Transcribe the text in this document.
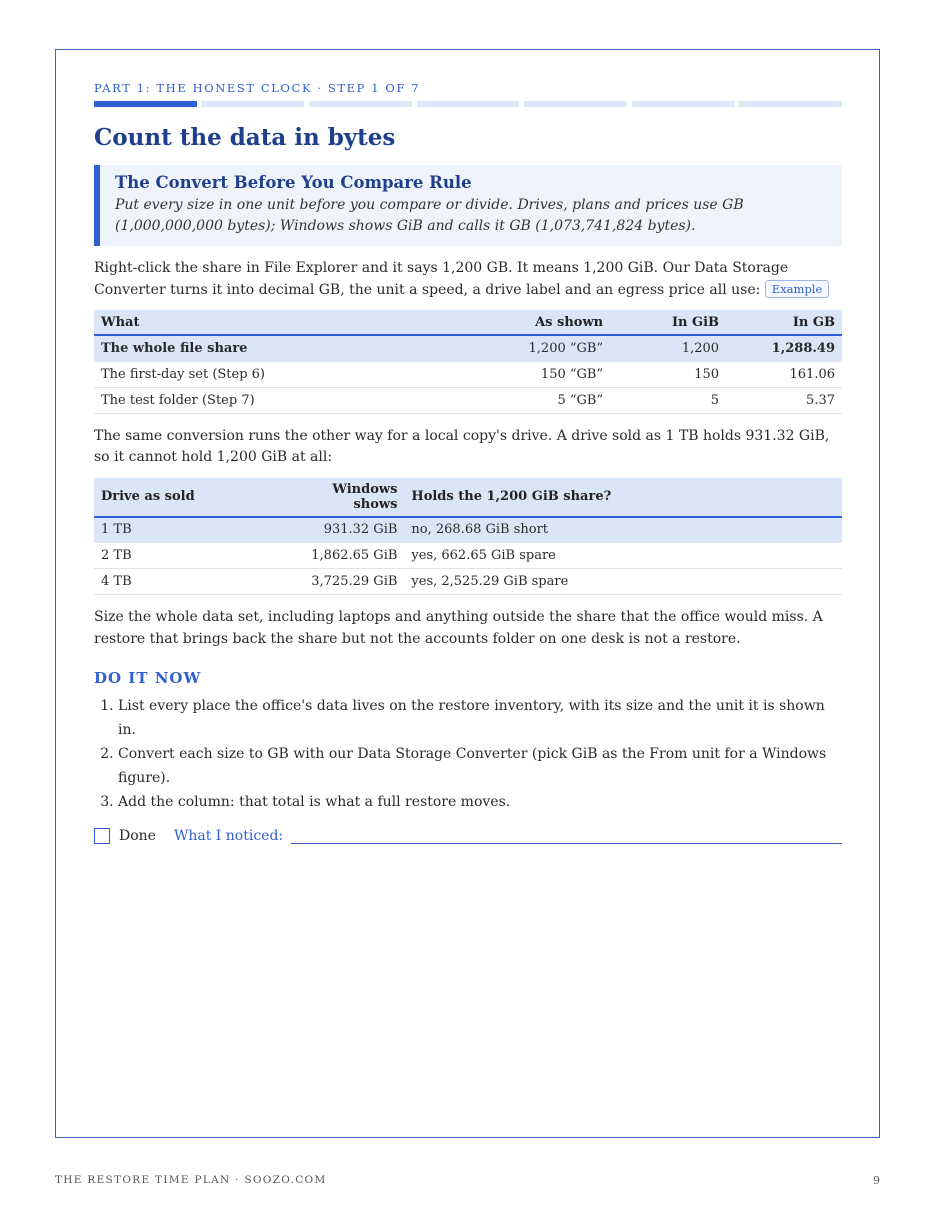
PART 1: THE HONEST CLOCK · STEP 1 OF 7
Count the data in bytes
The Convert Before You Compare Rule
Put every size in one unit before you compare or divide. Drives, plans and prices use GB (1,000,000,000 bytes); Windows shows GiB and calls it GB (1,073,741,824 bytes).

Right-click the share in File Explorer and it says 1,200 GB. It means 1,200 GiB. Our Data Storage Converter turns it into decimal GB, the unit a speed, a drive label and an egress price all use: Example

What	As shown	In GiB	In GB
The whole file share	1,200 “GB”	1,200	1,288.49
The first-day set (Step 6)	150 “GB”	150	161.06
The test folder (Step 7)	5 “GB”	5	5.37

The same conversion runs the other way for a local copy's drive. A drive sold as 1 TB holds 931.32 GiB, so it cannot hold 1,200 GiB at all:

Drive as sold	Windows shows	Holds the 1,200 GiB share?
1 TB	931.32 GiB	no, 268.68 GiB short
2 TB	1,862.65 GiB	yes, 662.65 GiB spare
4 TB	3,725.29 GiB	yes, 2,525.29 GiB spare

Size the whole data set, including laptops and anything outside the share that the office would miss. A restore that brings back the share but not the accounts folder on one desk is not a restore.

DO IT NOW
1. List every place the office's data lives on the restore inventory, with its size and the unit it is shown in.
2. Convert each size to GB with our Data Storage Converter (pick GiB as the From unit for a Windows figure).
3. Add the column: that total is what a full restore moves.
Done What I noticed:
THE RESTORE TIME PLAN · SOOZO.COM	9
